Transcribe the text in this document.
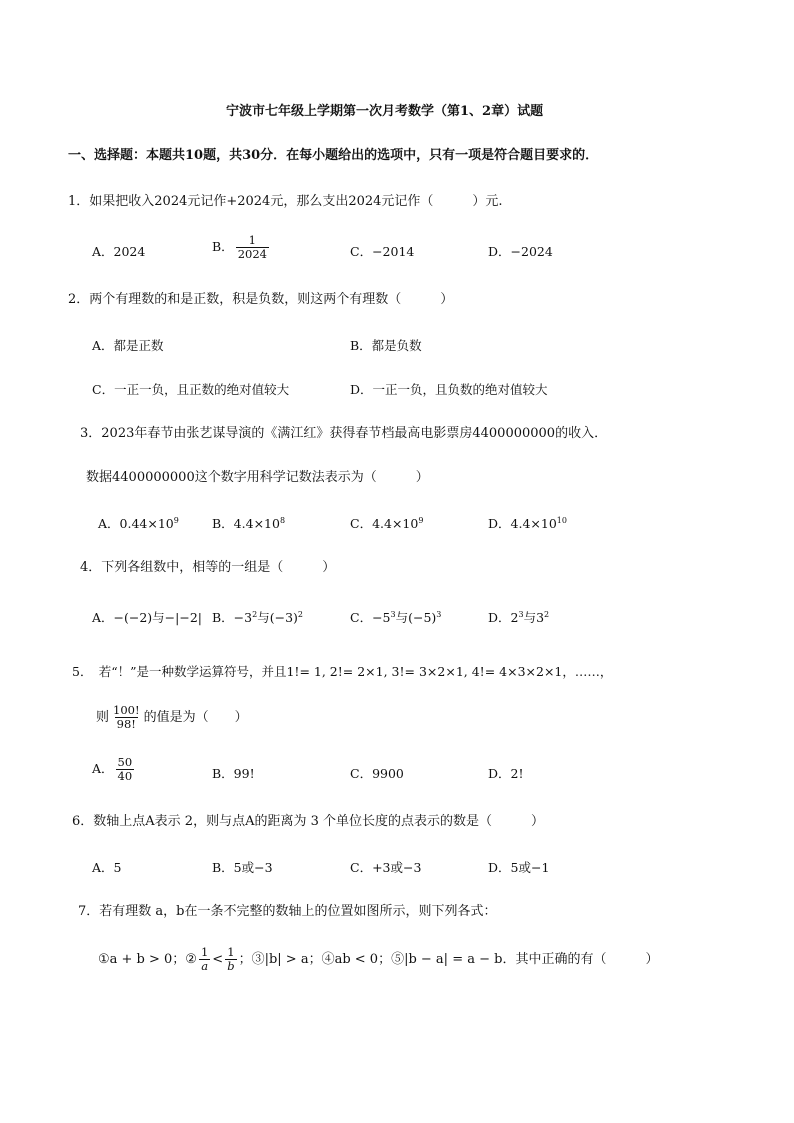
宁波市七年级上学期第一次月考数学（第1、2章）试题
一、选择题：本题共10题，共30分．在每小题给出的选项中，只有一项是符合题目要求的．
1．如果把收入2024元记作+2024元，那么支出2024元记作（　　　）元.
A．2024	B． $\frac{1}{2024}$	C．−2014	D．−2024
2．两个有理数的和是正数，积是负数，则这两个有理数（　　　）
A．都是正数	B．都是负数
C．一正一负，且正数的绝对值较大	D．一正一负，且负数的绝对值较大
3．2023年春节由张艺谋导演的《满江红》获得春节档最高电影票房4400000000的收入．
数据4400000000这个数字用科学记数法表示为（　　　）
A．$0.44\times 10^9$	B．$4.4\times 10^8$	C．$4.4\times 10^9$	D．$4.4\times 10^{10}$
4．下列各组数中，相等的一组是（　　　）
A．−(−2)与−|−2| B．$-3^2$与$(-3)^2$	C．$-5^3$与$(-5)^3$	D．$2^3$与$3^2$
5．　若“！”是一种数学运算符号，并且1!= 1, 2!= 2×1, 3!= 3×2×1, 4!= 4×3×2×1，……，
则 $\frac{100!}{98!}$ 的值是为（　　）
A． $\frac{50}{40}$	B．99!	C．9900	D．2!
6．数轴上点A表示 2，则与点A的距离为 3 个单位长度的点表示的数是（　　　）
A．5	B．5或−3	C．+3或−3	D．5或−1
7．若有理数 a，b在一条不完整的数轴上的位置如图所示，则下列各式：
①a + b > 0；② $\frac{1}{a} < \frac{1}{b}$ ；③|b| > a；④ab < 0；⑤|b − a| = a − b．其中正确的有（　　　）
